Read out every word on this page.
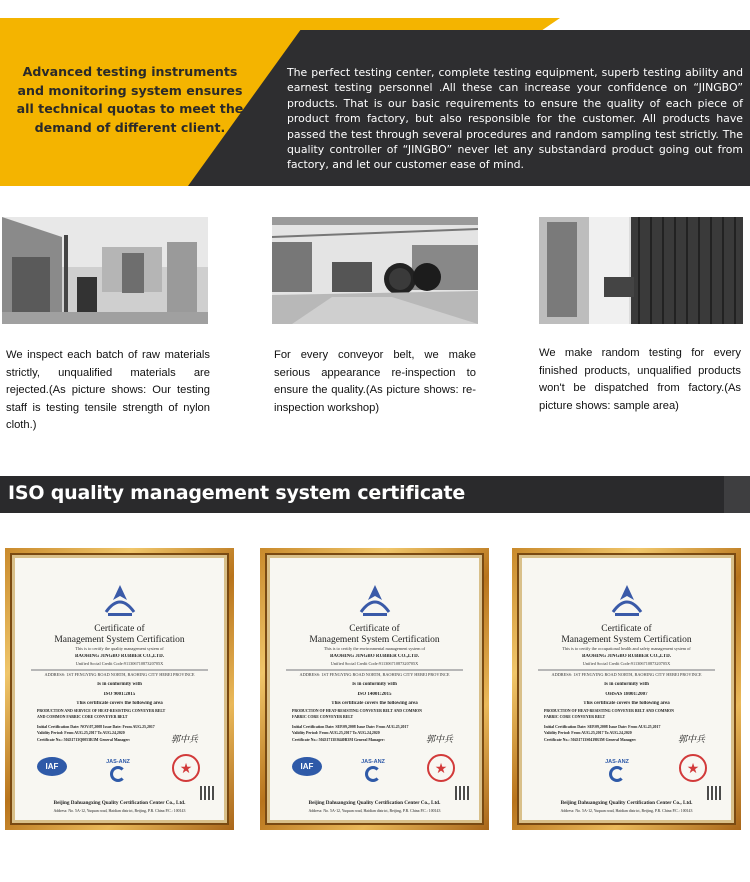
Advanced testing instruments and monitoring system ensures all technical quotas to meet the demand of different client.
The perfect testing center, complete testing equipment, superb testing ability and earnest testing personnel .All these can increase your confidence on “JINGBO” products. That is our basic requirements to ensure the quality of each piece of product from factory, but also responsible for the customer. All products have passed the test through several procedures and random sampling test strictly. The quality controller of “JINGBO” never let any substandard product going out from factory, and let our customer ease of mind.
We inspect each batch of raw materials strictly, unqualified materials are rejected.(As picture shows: Our testing staff is testing tensile strength of nylon cloth.)
For every conveyor belt, we make serious appearance re-inspection to ensure the quality.(As picture shows: re-inspection workshop)
We make random testing for every finished products, unqualified products won't be dispatched from factory.(As picture shows: sample area)
ISO quality management system certificate
Certificate of
Management System Certification
This is to certify the quality management system of
BAOHING JINGBO RUBBER CO.,LTD.
Unified Social Credit Code:91130671087320705X
ADDRESS: 1ST FENGYING ROAD NORTH, BAOHING CITY HEBEI PROVINCE
Is in conformity with
ISO 9001:2015
This certificate covers the following area
PRODUCTION AND SERVICE OF HEAT-RESISTING CONVEYER BELT
AND COMMON FABRIC CORE CONVEYER BELT
Initial Certification Date: NOV.07,2008 Issue Date: From AUG.25,2017
Validity Period: From AUG.25,2017 To AUG.24,2020
Certificate No.: 50431713Q0053R3M General Manager:	郭中兵
IAF	JAS-ANZ	★
Beijing Dahuangxing Quality Certification Center Co., Ltd.
Address: No. 5A-12, Yuquan road, Haidian district, Beijing, P.R. China P.C.: 100143
Certificate of
Management System Certification
This is to certify the environmental management system of
BAOHING JINGBO RUBBER CO.,LTD.
Unified Social Credit Code:91130671087320705X
ADDRESS: 1ST FENGYING ROAD NORTH, BAOHING CITY HEBEI PROVINCE
Is in conformity with
ISO 14001:2015
This certificate covers the following area
PRODUCTION OF HEAT-RESISTING CONVEYER BELT AND COMMON
FABRIC CORE CONVEYER BELT
Initial Certification Date: SEP.09,2008 Issue Date: From AUG.25,2017
Validity Period: From AUG.25,2017 To AUG.24,2020
Certificate No.: 50431713E0440R3M General Manager:	郭中兵
IAF	JAS-ANZ	★
Beijing Dahuangxing Quality Certification Center Co., Ltd.
Address: No. 5A-12, Yuquan road, Haidian district, Beijing, P.R. China P.C.: 100143
Certificate of
Management System Certification
This is to certify the occupational health and safety management system of
BAOHING JINGBO RUBBER CO.,LTD.
Unified Social Credit Code:91130671087320705X
ADDRESS: 1ST FENGYING ROAD NORTH, BAOHING CITY HEBEI PROVINCE
Is in conformity with
OHSAS 18001:2007
This certificate covers the following area
PRODUCTION OF HEAT-RESISTING CONVEYER BELT AND COMMON
FABRIC CORE CONVEYER BELT
Initial Certification Date: SEP.09,2008 Issue Date: From AUG.25,2017
Validity Period: From AUG.25,2017 To AUG.24,2020
Certificate No.: 50431713S0419R3M General Manager:	郭中兵
JAS-ANZ	★
Beijing Dahuangxing Quality Certification Center Co., Ltd.
Address: No. 5A-12, Yuquan road, Haidian district, Beijing, P.R. China P.C.: 100143
